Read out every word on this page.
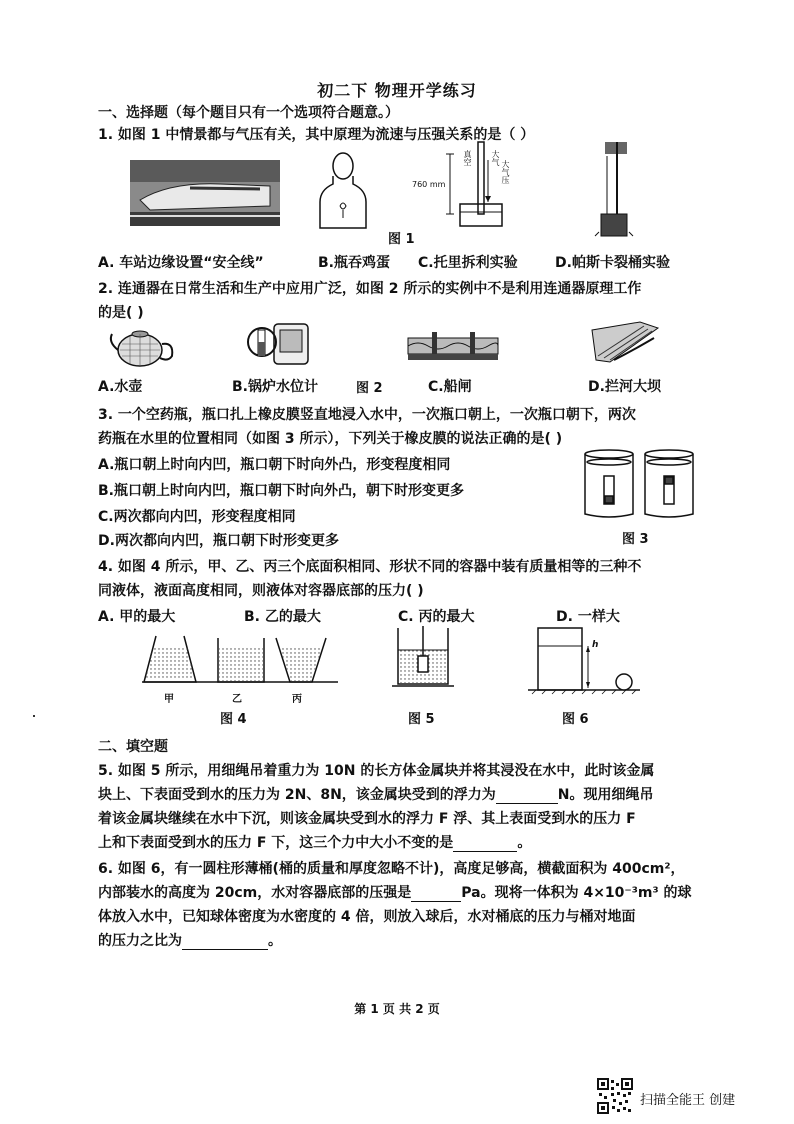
初二下 物理开学练习
一、选择题（每个题目只有一个选项符合题意。）
1. 如图 1 中情景都与气压有关，其中原理为流速与压强关系的是（ ）
760 mm
真空 大气
大气压
图 1
A. 车站边缘设置“安全线”	B.瓶吞鸡蛋 C.托里拆利实验	D.帕斯卡裂桶实验
2. 连通器在日常生活和生产中应用广泛，如图 2 所示的实例中不是利用连通器原理工作
的是( )
A.水壶	B.锅炉水位计	图 2	C.船闸	D.拦河大坝
3. 一个空药瓶，瓶口扎上橡皮膜竖直地浸入水中，一次瓶口朝上，一次瓶口朝下，两次
药瓶在水里的位置相同（如图 3 所示），下列关于橡皮膜的说法正确的是( )
A.瓶口朝上时向内凹，瓶口朝下时向外凸，形变程度相同
B.瓶口朝上时向内凹，瓶口朝下时向外凸，朝下时形变更多
C.两次都向内凹，形变程度相同
D.两次都向内凹，瓶口朝下时形变更多	图 3
4. 如图 4 所示，甲、乙、丙三个底面积相同、形状不同的容器中装有质量相等的三种不
同液体，液面高度相同，则液体对容器底部的压力( )
A. 甲的最大	B. 乙的最大	C. 丙的最大	D. 一样大
甲	乙	丙
图 4	图 5
h
图 6
二、填空题
5. 如图 5 所示，用细绳吊着重力为 10N 的长方体金属块并将其浸没在水中，此时该金属
块上、下表面受到水的压力为 2N、8N，该金属块受到的浮力为	N。现用细绳吊
着该金属块继续在水中下沉，则该金属块受到水的浮力 F 浮、其上表面受到水的压力 F
上和下表面受到水的压力 F 下，这三个力中大小不变的是	。
6. 如图 6，有一圆柱形薄桶(桶的质量和厚度忽略不计)，高度足够高，横截面积为 400cm²，
内部装水的高度为 20cm，水对容器底部的压强是	Pa。现将一体积为 4×10⁻³m³ 的球
体放入水中，已知球体密度为水密度的 4 倍，则放入球后，水对桶底的压力与桶对地面
的压力之比为	。
第 1 页 共 2 页
扫描全能王 创建
